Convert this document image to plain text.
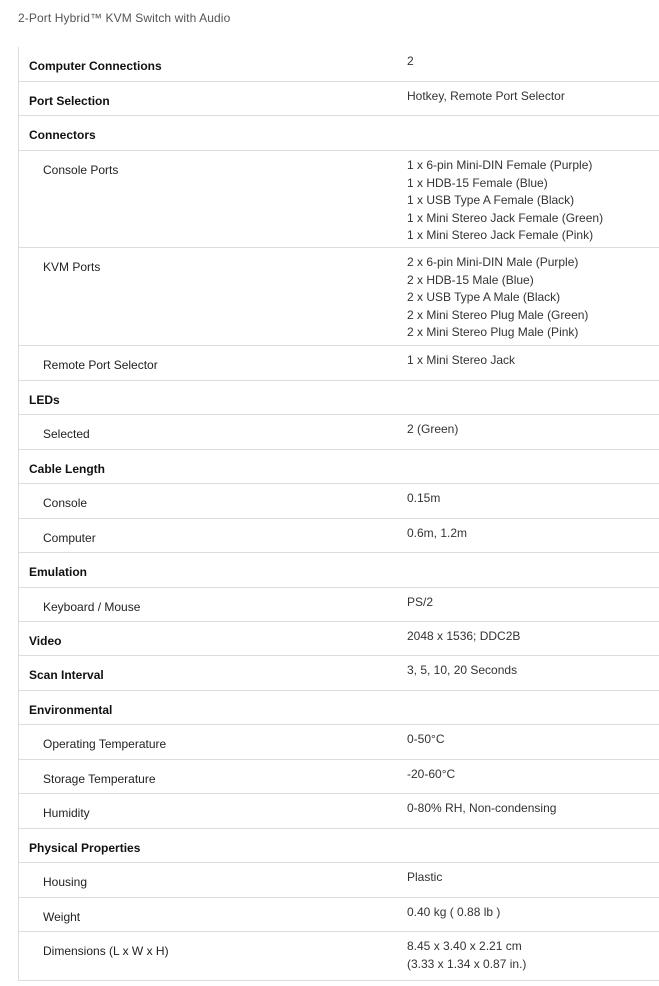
2-Port Hybrid™ KVM Switch with Audio
Computer Connections	2
Port Selection	Hotkey, Remote Port Selector
Connectors
Console Ports	1 x 6-pin Mini-DIN Female (Purple)
1 x HDB-15 Female (Blue)
1 x USB Type A Female (Black)
1 x Mini Stereo Jack Female (Green)
1 x Mini Stereo Jack Female (Pink)
KVM Ports	2 x 6-pin Mini-DIN Male (Purple)
2 x HDB-15 Male (Blue)
2 x USB Type A Male (Black)
2 x Mini Stereo Plug Male (Green)
2 x Mini Stereo Plug Male (Pink)
Remote Port Selector	1 x Mini Stereo Jack
LEDs
Selected	2 (Green)
Cable Length
Console	0.15m
Computer	0.6m, 1.2m
Emulation
Keyboard / Mouse	PS/2
Video	2048 x 1536; DDC2B
Scan Interval	3, 5, 10, 20 Seconds
Environmental
Operating Temperature	0-50°C
Storage Temperature	-20-60°C
Humidity	0-80% RH, Non-condensing
Physical Properties
Housing	Plastic
Weight	0.40 kg ( 0.88 lb )
Dimensions (L x W x H)	8.45 x 3.40 x 2.21 cm
(3.33 x 1.34 x 0.87 in.)
